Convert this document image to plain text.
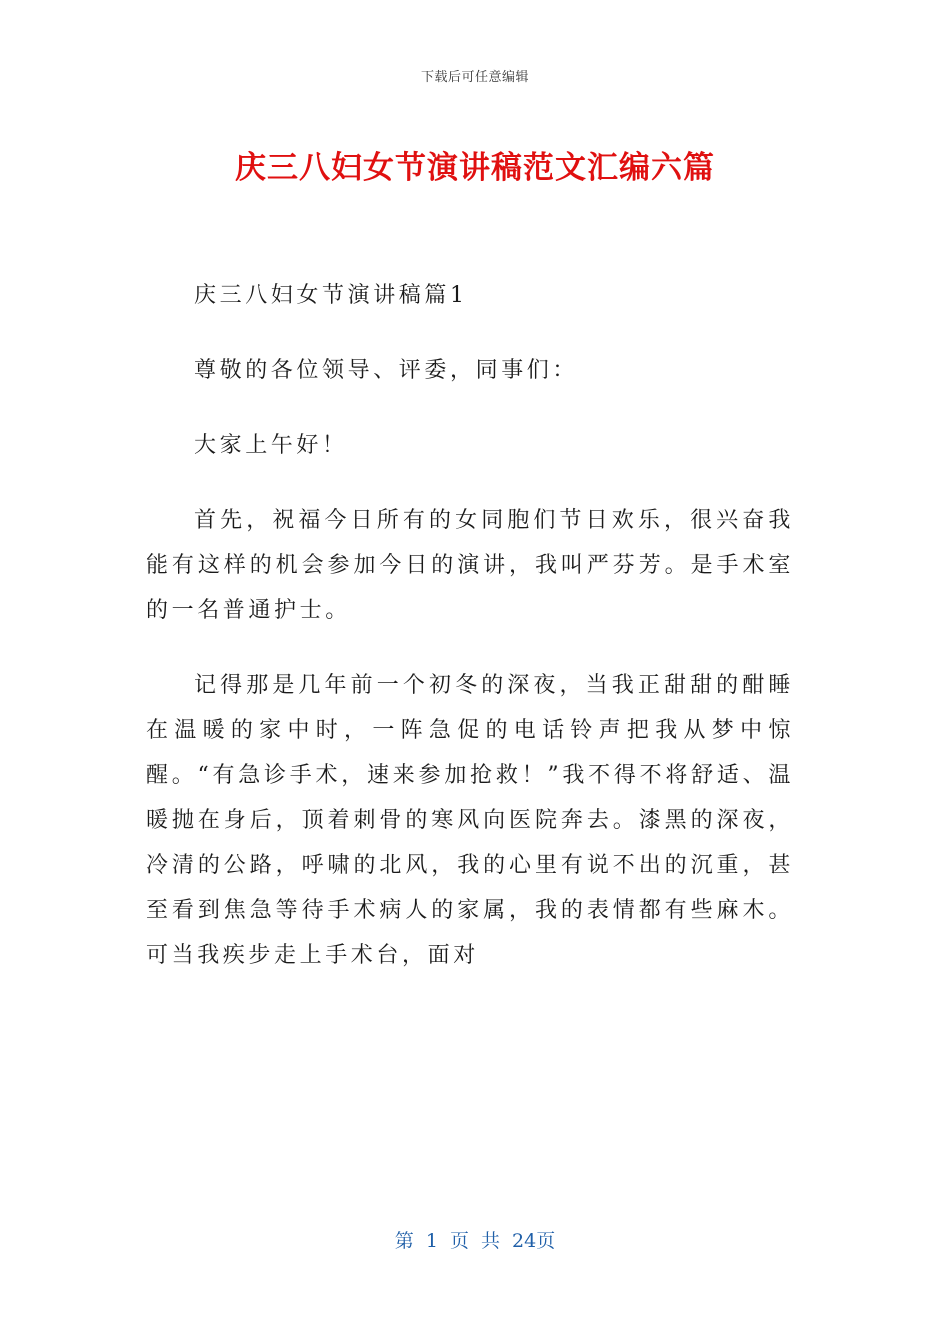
下载后可任意编辑
庆三八妇女节演讲稿范文汇编六篇

庆三八妇女节演讲稿篇1

尊敬的各位领导、评委，同事们：

大家上午好！

首先，祝福今日所有的女同胞们节日欢乐，很兴奋我能有这样的机会参加今日的演讲，我叫严芬芳。是手术室的一名普通护士。

记得那是几年前一个初冬的深夜，当我正甜甜的酣睡在温暖的家中时，一阵急促的电话铃声把我从梦中惊醒。“有急诊手术，速来参加抢救！”我不得不将舒适、温暖抛在身后，顶着刺骨的寒风向医院奔去。漆黑的深夜，冷清的公路，呼啸的北风，我的心里有说不出的沉重，甚至看到焦急等待手术病人的家属，我的表情都有些麻木。可当我疾步走上手术台，面对

第 1 页 共 24页
